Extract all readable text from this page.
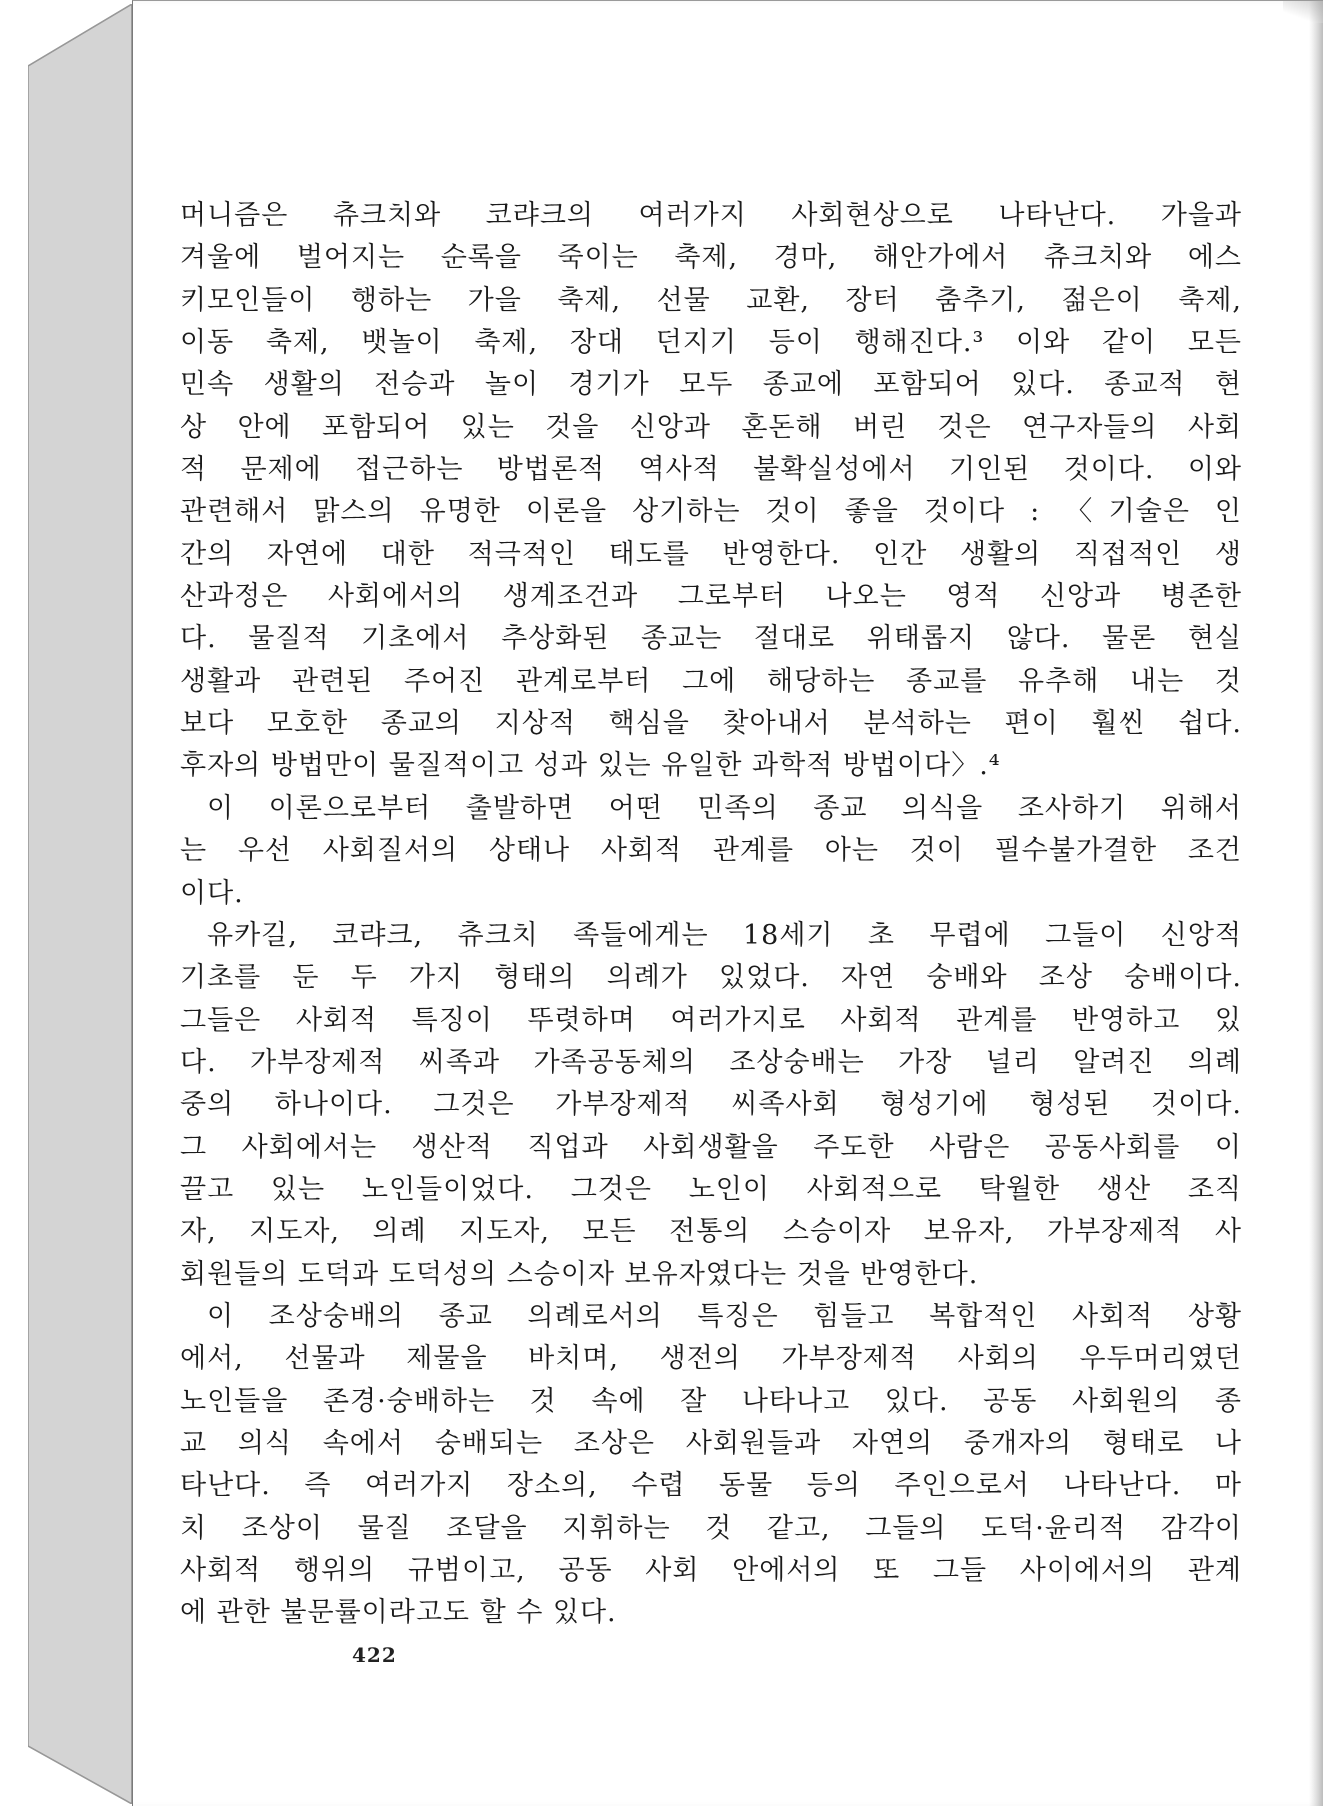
머니즘은 츄크치와 코랴크의 여러가지 사회현상으로 나타난다. 가을과
겨울에 벌어지는 순록을 죽이는 축제, 경마, 해안가에서 츄크치와 에스
키모인들이 행하는 가을 축제, 선물 교환, 장터 춤추기, 젊은이 축제,
이동 축제, 뱃놀이 축제, 장대 던지기 등이 행해진다.³ 이와 같이 모든
민속 생활의 전승과 놀이 경기가 모두 종교에 포함되어 있다. 종교적 현
상 안에 포함되어 있는 것을 신앙과 혼돈해 버린 것은 연구자들의 사회
적 문제에 접근하는 방법론적 역사적 불확실성에서 기인된 것이다. 이와
관련해서 맑스의 유명한 이론을 상기하는 것이 좋을 것이다 : 〈기술은 인
간의 자연에 대한 적극적인 태도를 반영한다. 인간 생활의 직접적인 생
산과정은 사회에서의 생계조건과 그로부터 나오는 영적 신앙과 병존한
다. 물질적 기초에서 추상화된 종교는 절대로 위태롭지 않다. 물론 현실
생활과 관련된 주어진 관계로부터 그에 해당하는 종교를 유추해 내는 것
보다 모호한 종교의 지상적 핵심을 찾아내서 분석하는 편이 훨씬 쉽다.
후자의 방법만이 물질적이고 성과 있는 유일한 과학적 방법이다〉.⁴
이 이론으로부터 출발하면 어떤 민족의 종교 의식을 조사하기 위해서
는 우선 사회질서의 상태나 사회적 관계를 아는 것이 필수불가결한 조건
이다.
유카길, 코랴크, 츄크치 족들에게는 18세기 초 무렵에 그들이 신앙적
기초를 둔 두 가지 형태의 의례가 있었다. 자연 숭배와 조상 숭배이다.
그들은 사회적 특징이 뚜렷하며 여러가지로 사회적 관계를 반영하고 있
다. 가부장제적 씨족과 가족공동체의 조상숭배는 가장 널리 알려진 의례
중의 하나이다. 그것은 가부장제적 씨족사회 형성기에 형성된 것이다.
그 사회에서는 생산적 직업과 사회생활을 주도한 사람은 공동사회를 이
끌고 있는 노인들이었다. 그것은 노인이 사회적으로 탁월한 생산 조직
자, 지도자, 의례 지도자, 모든 전통의 스승이자 보유자, 가부장제적 사
회원들의 도덕과 도덕성의 스승이자 보유자였다는 것을 반영한다.
이 조상숭배의 종교 의례로서의 특징은 힘들고 복합적인 사회적 상황
에서, 선물과 제물을 바치며, 생전의 가부장제적 사회의 우두머리였던
노인들을 존경·숭배하는 것 속에 잘 나타나고 있다. 공동 사회원의 종
교 의식 속에서 숭배되는 조상은 사회원들과 자연의 중개자의 형태로 나
타난다. 즉 여러가지 장소의, 수렵 동물 등의 주인으로서 나타난다. 마
치 조상이 물질 조달을 지휘하는 것 같고, 그들의 도덕·윤리적 감각이
사회적 행위의 규범이고, 공동 사회 안에서의 또 그들 사이에서의 관계
에 관한 불문률이라고도 할 수 있다.
422
